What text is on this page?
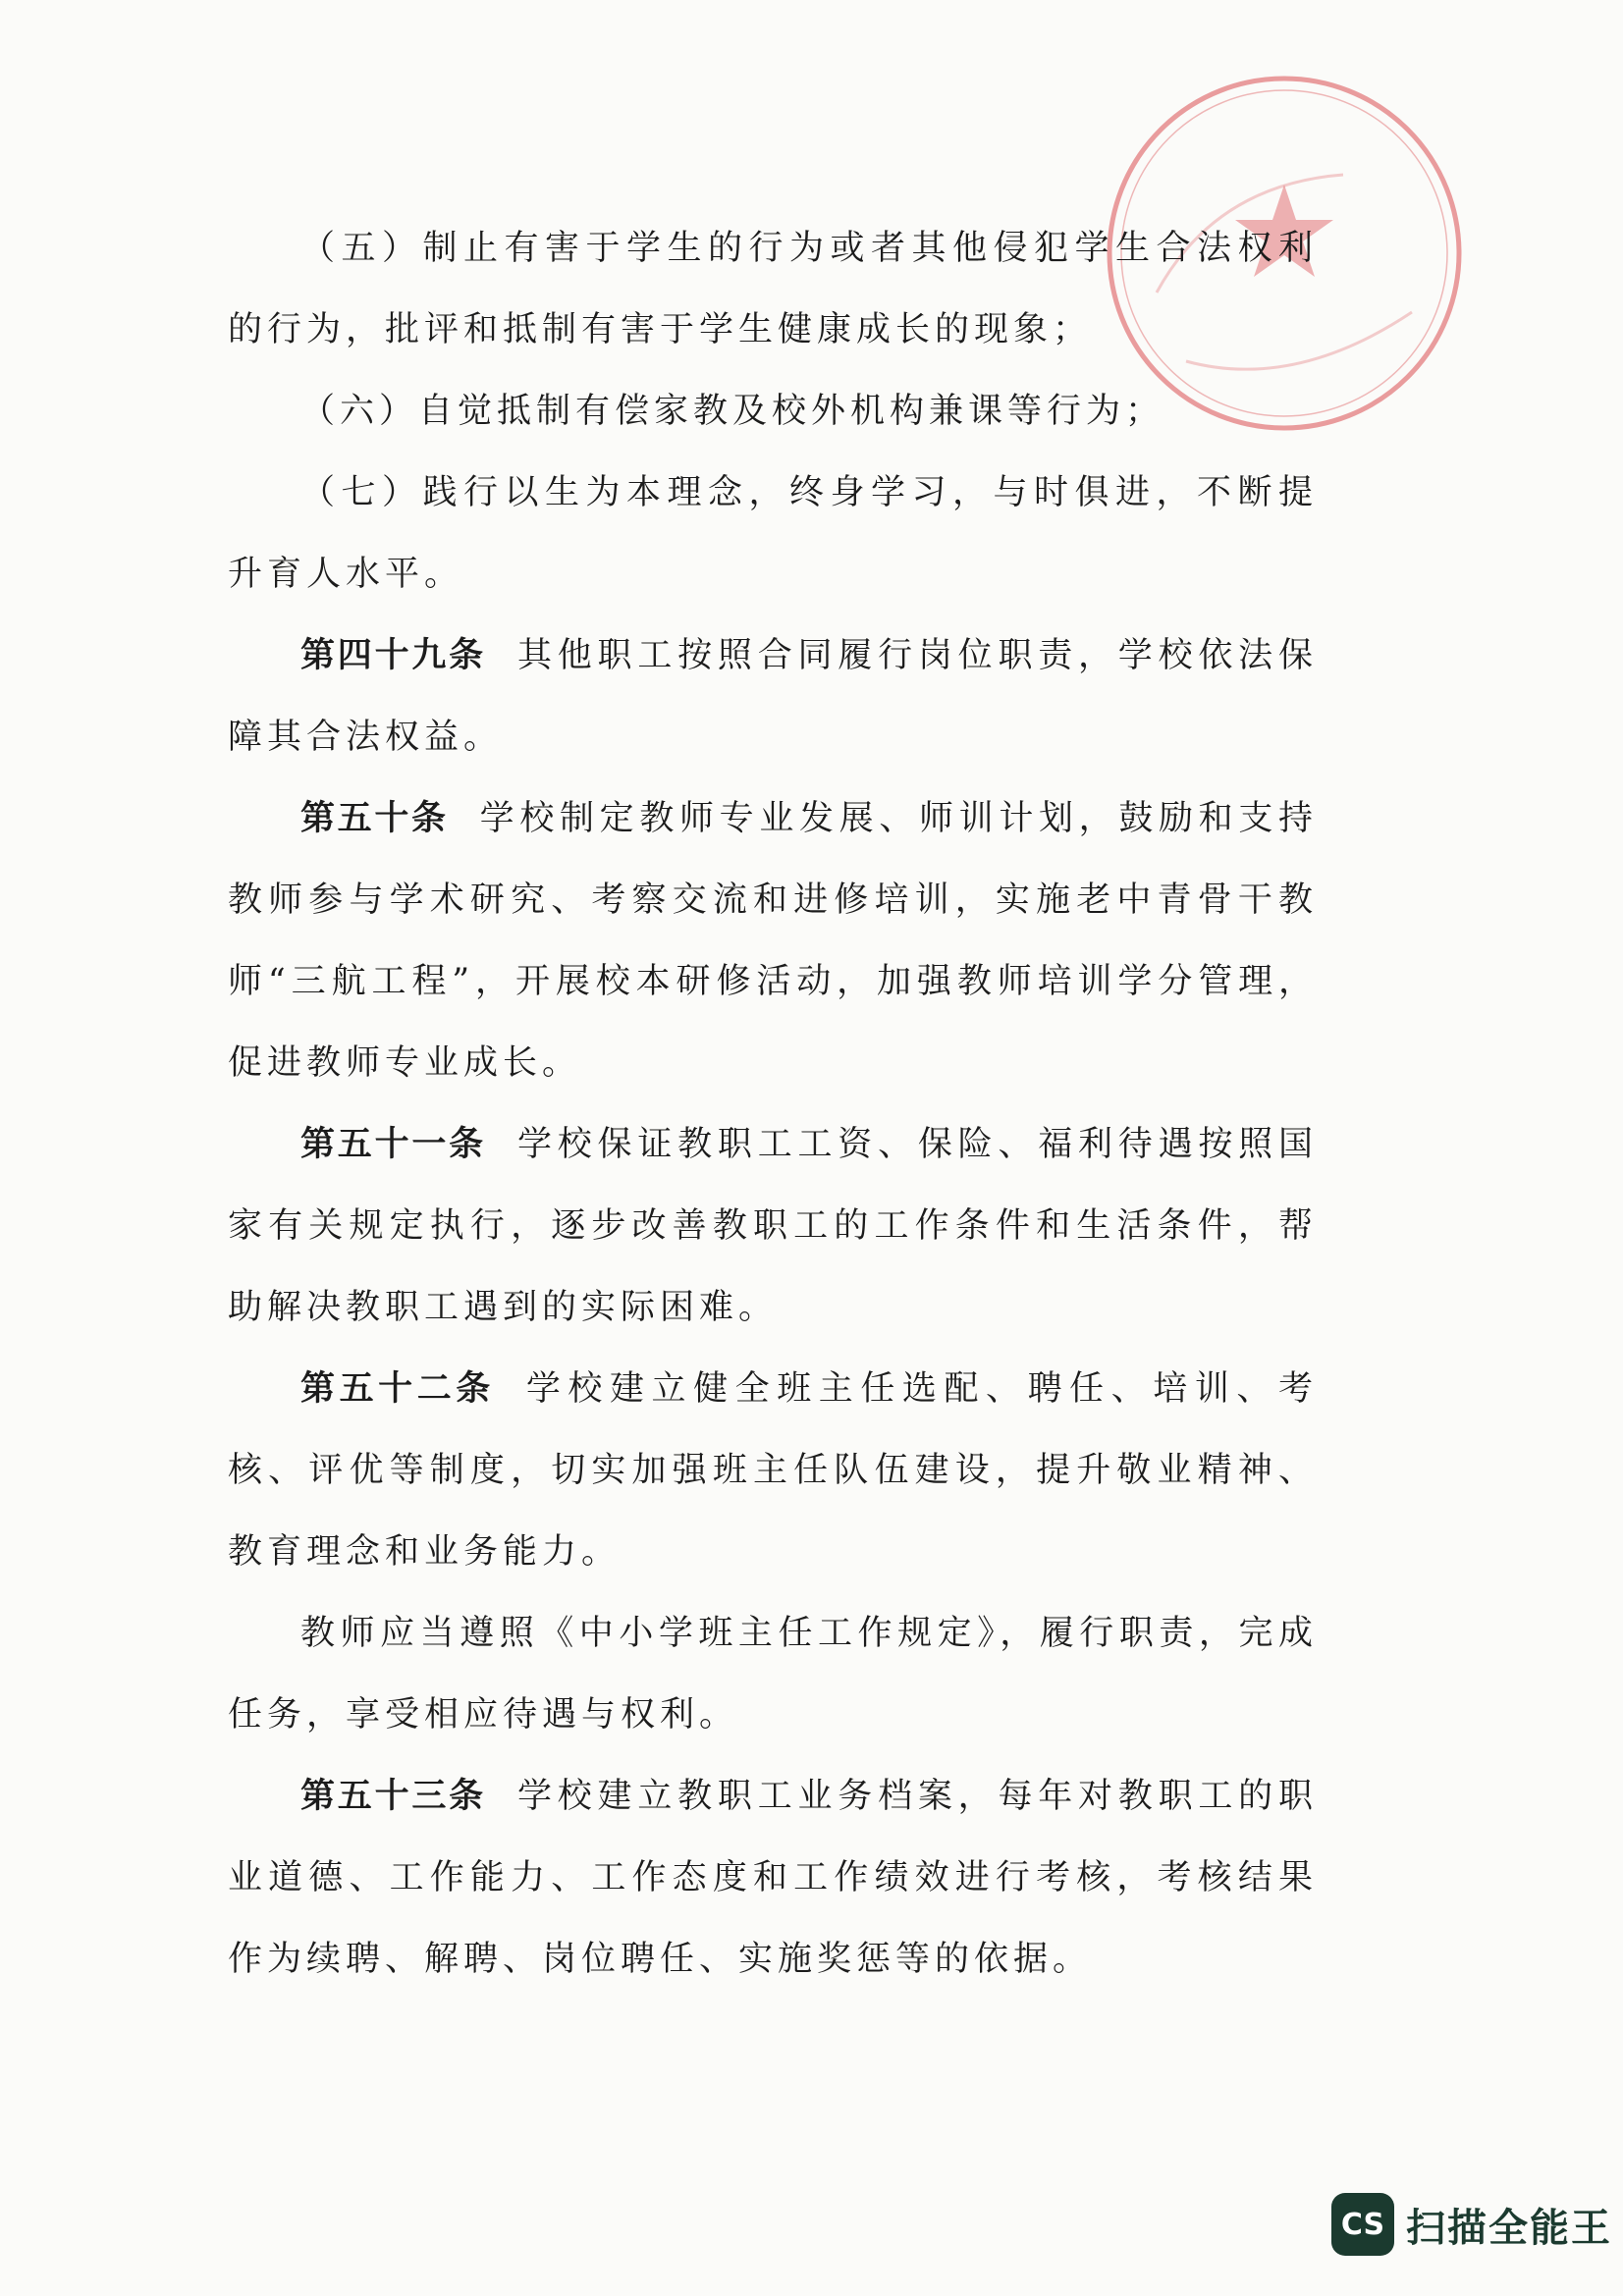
（五）制止有害于学生的行为或者其他侵犯学生合法权利的行为，批评和抵制有害于学生健康成长的现象；

（六）自觉抵制有偿家教及校外机构兼课等行为；

（七）践行以生为本理念，终身学习，与时俱进，不断提升育人水平。

第四十九条 其他职工按照合同履行岗位职责，学校依法保障其合法权益。

第五十条 学校制定教师专业发展、师训计划，鼓励和支持教师参与学术研究、考察交流和进修培训，实施老中青骨干教师“三航工程”，开展校本研修活动，加强教师培训学分管理，促进教师专业成长。

第五十一条 学校保证教职工工资、保险、福利待遇按照国家有关规定执行，逐步改善教职工的工作条件和生活条件，帮助解决教职工遇到的实际困难。

第五十二条 学校建立健全班主任选配、聘任、培训、考核、评优等制度，切实加强班主任队伍建设，提升敬业精神、教育理念和业务能力。

教师应当遵照《中小学班主任工作规定》，履行职责，完成任务，享受相应待遇与权利。

第五十三条 学校建立教职工业务档案，每年对教职工的职业道德、工作能力、工作态度和工作绩效进行考核，考核结果作为续聘、解聘、岗位聘任、实施奖惩等的依据。

CS 扫描全能王
